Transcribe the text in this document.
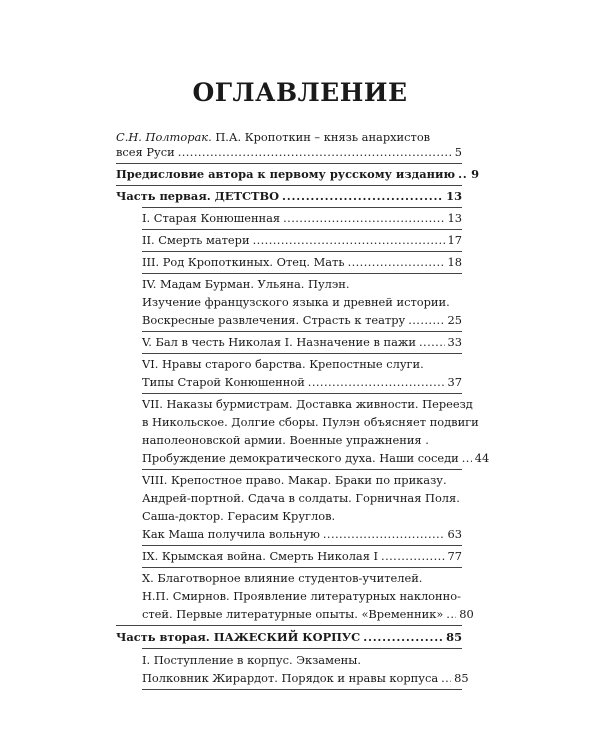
ОГЛАВЛЕНИЕ
С.Н. Полторак. П.А. Кропоткин – князь анархистов
всея Руси . . .	5
Предисловие автора к первому русскому изданию . . . 9
Часть первая. ДЕТСТВО . . .	13
I. Старая Конюшенная . . .	13
II. Смерть матери . . .	17
III. Род Кропоткиных. Отец. Мать . . .	18
IV. Мадам Бурман. Ульяна. Пулэн.
Изучение французского языка и древней истории.
Воскресные развлечения. Страсть к театру . . .	25
V. Бал в честь Николая I. Назначение в пажи . . .	33
VI. Нравы старого барства. Крепостные слуги.
Типы Старой Конюшенной . . .	37
VII. Наказы бурмистрам. Доставка живности. Переезд
в Никольское. Долгие сборы. Пулэн объясняет подвиги
наполеоновской армии. Военные упражнения .
Пробуждение демократического духа. Наши соседи . . . 44
VIII. Крепостное право. Макар. Браки по приказу.
Андрей-портной. Сдача в солдаты. Горничная Поля.
Саша-доктор. Герасим Круглов.
Как Маша получила вольную . . .	63
IX. Крымская война. Смерть Николая I . . .	77
X. Благотворное влияние студентов-учителей.
Н.П. Смирнов. Проявление литературных наклонно-
стей. Первые литературные опыты. «Временник» . . . 80
Часть вторая. ПАЖЕСКИЙ КОРПУС . . .	85
I. Поступление в корпус. Экзамены.
Полковник Жирардот. Порядок и нравы корпуса . . . 85
